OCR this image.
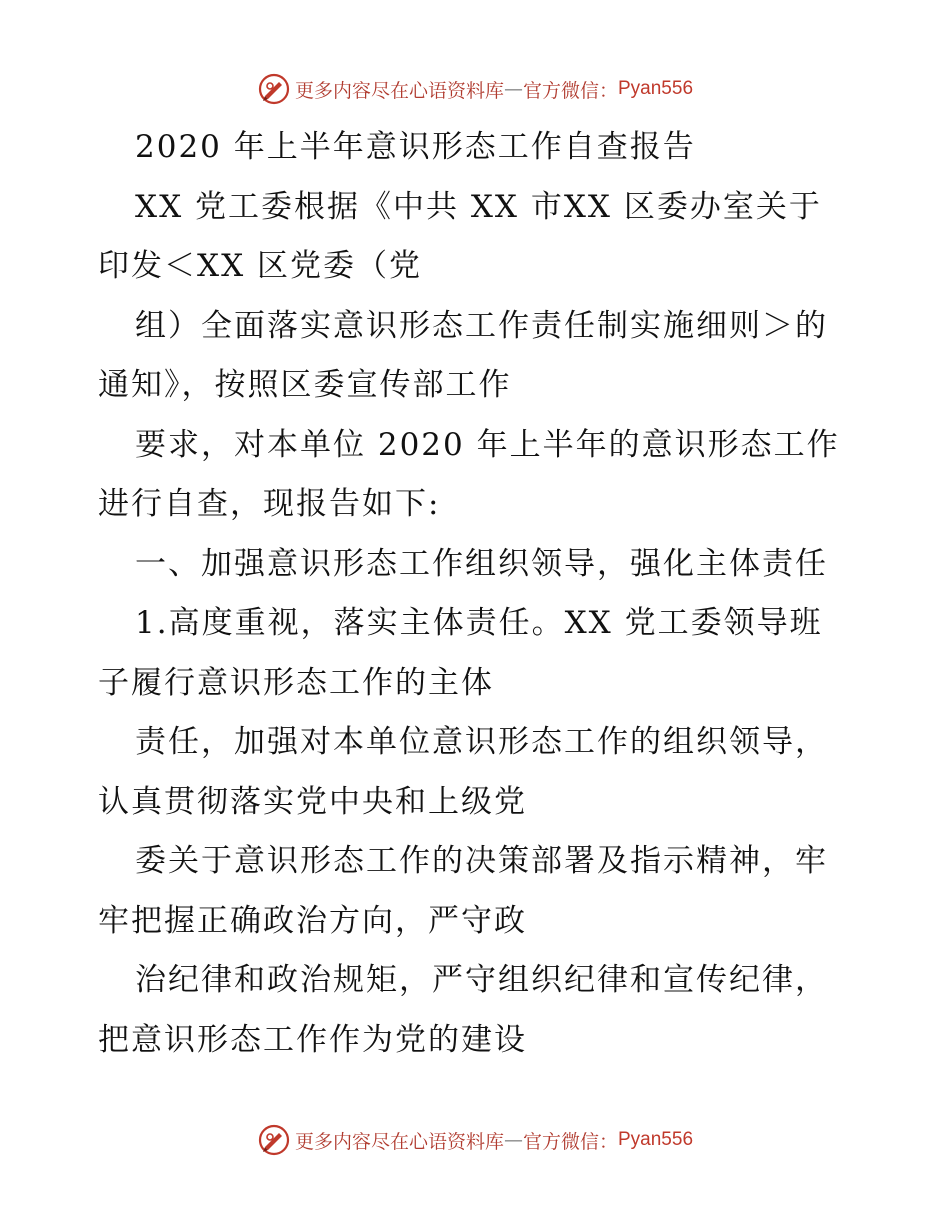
更多内容尽在心语资料库 — 官方微信： Pyan556
2020 年上半年意识形态工作自查报告
XX 党工委根据《中共 XX 市XX 区委办室关于
印发＜XX 区党委（党
组）全面落实意识形态工作责任制实施细则＞的
通知》，按照区委宣传部工作
要求，对本单位 2020 年上半年的意识形态工作
进行自查，现报告如下:
一、加强意识形态工作组织领导，强化主体责任
1.高度重视，落实主体责任。XX 党工委领导班
子履行意识形态工作的主体
责任，加强对本单位意识形态工作的组织领导，
认真贯彻落实党中央和上级党
委关于意识形态工作的决策部署及指示精神，牢
牢把握正确政治方向，严守政
治纪律和政治规矩，严守组织纪律和宣传纪律，
把意识形态工作作为党的建设
更多内容尽在心语资料库 — 官方微信： Pyan556
